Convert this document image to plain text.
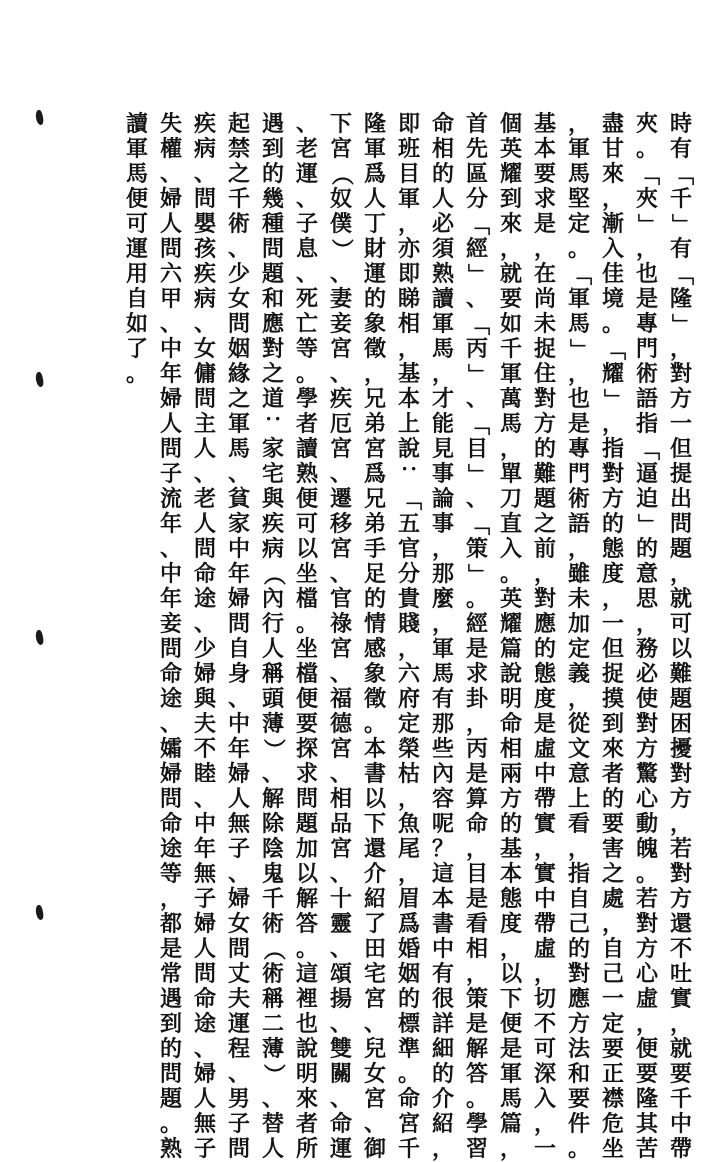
時
有
「
千
」
有
「
隆
」
，
對
方
一
但
提
出
問
題
，
就
可
以
難
題
困
擾
對
方
，
若
對
方
還
不
吐
實
，
就
要
千
中
帶
夾
。
「
夾
」
，
也
是
專
門
術
語
指
「
逼
迫
」
的
意
思
，
務
必
使
對
方
驚
心
動
魄
。
若
對
方
心
虛
，
便
要
隆
其
苦
盡
甘
來
，
漸
入
佳
境
。
「
耀
」
，
指
對
方
的
態
度
，
一
但
捉
摸
到
來
者
的
要
害
之
處
，
自
己
一
定
要
正
襟
危
坐
，
軍
馬
堅
定
。
「
軍
馬
」
，
也
是
專
門
術
語
，
雖
未
加
定
義
，
從
文
意
上
看
，
指
自
己
的
對
應
方
法
和
要
件
。
基
本
要
求
是
，
在
尚
未
捉
住
對
方
的
難
題
之
前
，
對
應
的
態
度
是
虛
中
帶
實
，
實
中
帶
虛
，
切
不
可
深
入
，
一
個
英
耀
到
來
，
就
要
如
千
軍
萬
馬
，
單
刀
直
入
。
英
耀
篇
說
明
命
相
兩
方
的
基
本
態
度
，
以
下
便
是
軍
馬
篇
，
首
先
區
分
「
經
」
、
「
丙
」
、
「
目
」
、
「
策
」
。
經
是
求
卦
，
丙
是
算
命
，
目
是
看
相
，
策
是
解
答
。
學
習
命
相
的
人
必
須
熟
讀
軍
馬
，
才
能
見
事
論
事
，
那
麼
，
軍
馬
有
那
些
內
容
呢
？
這
本
書
中
有
很
詳
細
的
介
紹
，
即
班
目
軍
，
亦
即
睇
相
，
基
本
上
說
：
「
五
官
分
貴
賤
，
六
府
定
榮
枯
，
魚
尾
，
眉
爲
婚
姻
的
標
準
。
命
宮
千
隆
軍
爲
人
丁
財
運
的
象
徵
，
兄
弟
宮
爲
兄
弟
手
足
的
情
感
象
徵
。
本
書
以
下
還
介
紹
了
田
宅
宮
、
兒
女
宮
、
御
下
宮
（
奴
僕
）
、
妻
妾
宮
、
疾
厄
宮
、
遷
移
宮
、
官
祿
宮
、
福
德
宮
、
相
品
宮
、
十
靈
、
頌
揚
、
雙
關
、
命
運
、
老
運
、
子
息
、
死
亡
等
。
學
者
讀
熟
便
可
以
坐
檔
。
坐
檔
便
要
探
求
問
題
加
以
解
答
。
這
裡
也
說
明
來
者
所
遇
到
的
幾
種
問
題
和
應
對
之
道
：
家
宅
與
疾
病
（
內
行
人
稱
頭
薄
）
、
解
除
陰
鬼
千
術
（
術
稱
二
薄
）
、
替
人
起
禁
之
千
術
、
少
女
問
姻
緣
之
軍
馬
、
貧
家
中
年
婦
問
自
身
、
中
年
婦
人
無
子
、
婦
女
問
丈
夫
運
程
、
男
子
問
疾
病
、
問
嬰
孩
疾
病
、
女
傭
問
主
人
、
老
人
問
命
途
、
少
婦
與
夫
不
睦
、
中
年
無
子
婦
人
問
命
途
、
婦
人
無
子
失
權
、
婦
人
問
六
甲
、
中
年
婦
人
問
子
流
年
、
中
年
妾
問
命
途
、
孀
婦
問
命
途
等
，
都
是
常
遇
到
的
問
題
。
熟
讀
軍
馬
便
可
運
用
自
如
了
。
